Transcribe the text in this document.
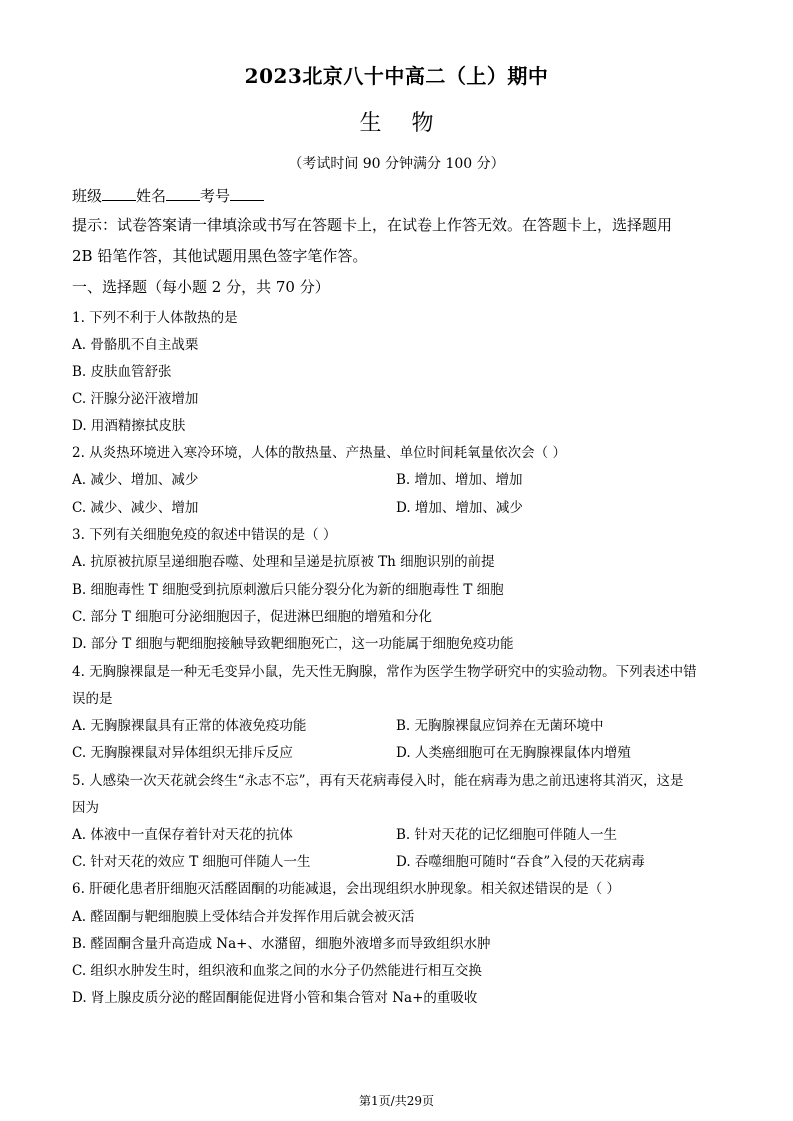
2023北京八十中高二（上）期中
生物
（考试时间 90 分钟满分 100 分）
班级 姓名 考号
提示：试卷答案请一律填涂或书写在答题卡上，在试卷上作答无效。在答题卡上，选择题用
2B 铅笔作答，其他试题用黑色签字笔作答。
一、选择题（每小题 2 分，共 70 分）
1. 下列不利于人体散热的是
A. 骨骼肌不自主战栗
B. 皮肤血管舒张
C. 汗腺分泌汗液增加
D. 用酒精擦拭皮肤
2. 从炎热环境进入寒冷环境，人体的散热量、产热量、单位时间耗氧量依次会（ ）
A. 减少、增加、减少	B. 增加、增加、增加
C. 减少、减少、增加	D. 增加、增加、减少
3. 下列有关细胞免疫的叙述中错误的是（ ）
A. 抗原被抗原呈递细胞吞噬、处理和呈递是抗原被 Th 细胞识别的前提
B. 细胞毒性 T 细胞受到抗原刺激后只能分裂分化为新的细胞毒性 T 细胞
C. 部分 T 细胞可分泌细胞因子，促进淋巴细胞的增殖和分化
D. 部分 T 细胞与靶细胞接触导致靶细胞死亡，这一功能属于细胞免疫功能
4. 无胸腺裸鼠是一种无毛变异小鼠，先天性无胸腺，常作为医学生物学研究中的实验动物。下列表述中错
误的是
A. 无胸腺裸鼠具有正常的体液免疫功能	B. 无胸腺裸鼠应饲养在无菌环境中
C. 无胸腺裸鼠对异体组织无排斥反应	D. 人类癌细胞可在无胸腺裸鼠体内增殖
5. 人感染一次天花就会终生“永志不忘”，再有天花病毒侵入时，能在病毒为患之前迅速将其消灭，这是
因为
A. 体液中一直保存着针对天花的抗体	B. 针对天花的记忆细胞可伴随人一生
C. 针对天花的效应 T 细胞可伴随人一生	D. 吞噬细胞可随时“吞食”入侵的天花病毒
6. 肝硬化患者肝细胞灭活醛固酮的功能减退，会出现组织水肿现象。相关叙述错误的是（ ）
A. 醛固酮与靶细胞膜上受体结合并发挥作用后就会被灭活
B. 醛固酮含量升高造成 Na+、水潴留，细胞外液增多而导致组织水肿
C. 组织水肿发生时，组织液和血浆之间的水分子仍然能进行相互交换
D. 肾上腺皮质分泌的醛固酮能促进肾小管和集合管对 Na+的重吸收
第1页/共29页
